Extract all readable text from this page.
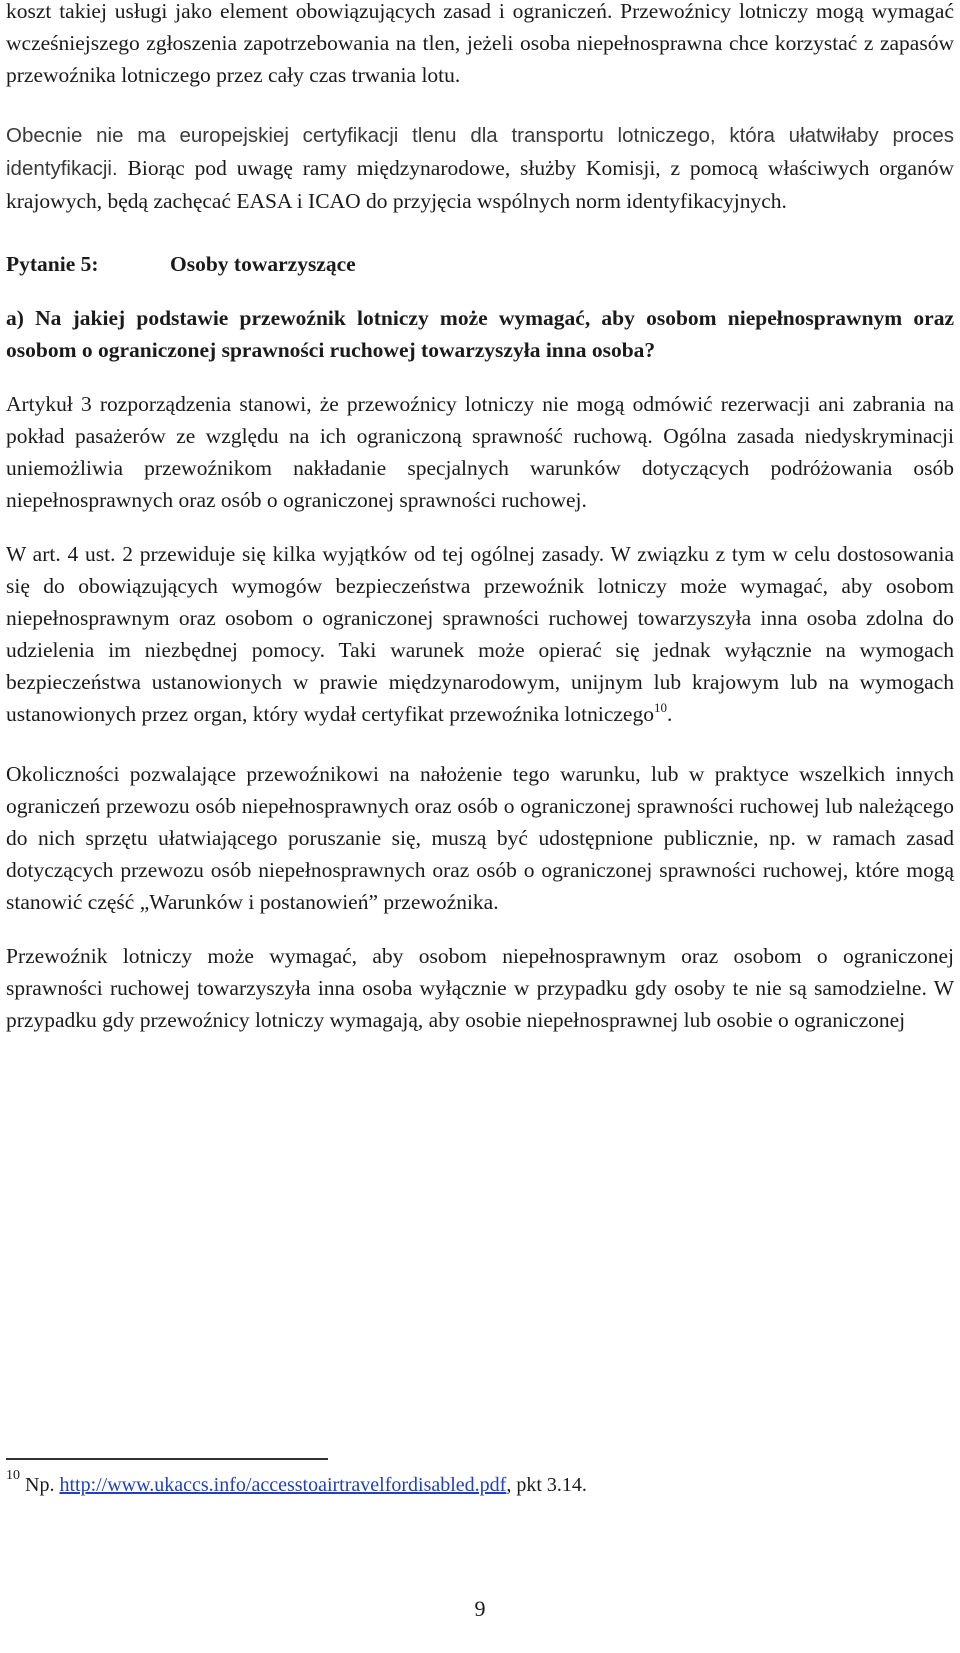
koszt takiej usługi jako element obowiązujących zasad i ograniczeń. Przewoźnicy lotniczy mogą wymagać wcześniejszego zgłoszenia zapotrzebowania na tlen, jeżeli osoba niepełnosprawna chce korzystać z zapasów przewoźnika lotniczego przez cały czas trwania lotu.

Obecnie nie ma europejskiej certyfikacji tlenu dla transportu lotniczego, która ułatwiłaby proces identyfikacji. Biorąc pod uwagę ramy międzynarodowe, służby Komisji, z pomocą właściwych organów krajowych, będą zachęcać EASA i ICAO do przyjęcia wspólnych norm identyfikacyjnych.

Pytanie 5:	Osoby towarzyszące

a) Na jakiej podstawie przewoźnik lotniczy może wymagać, aby osobom niepełnosprawnym oraz osobom o ograniczonej sprawności ruchowej towarzyszyła inna osoba?

Artykuł 3 rozporządzenia stanowi, że przewoźnicy lotniczy nie mogą odmówić rezerwacji ani zabrania na pokład pasażerów ze względu na ich ograniczoną sprawność ruchową. Ogólna zasada niedyskryminacji uniemożliwia przewoźnikom nakładanie specjalnych warunków dotyczących podróżowania osób niepełnosprawnych oraz osób o ograniczonej sprawności ruchowej.

W art. 4 ust. 2 przewiduje się kilka wyjątków od tej ogólnej zasady. W związku z tym w celu dostosowania się do obowiązujących wymogów bezpieczeństwa przewoźnik lotniczy może wymagać, aby osobom niepełnosprawnym oraz osobom o ograniczonej sprawności ruchowej towarzyszyła inna osoba zdolna do udzielenia im niezbędnej pomocy. Taki warunek może opierać się jednak wyłącznie na wymogach bezpieczeństwa ustanowionych w prawie międzynarodowym, unijnym lub krajowym lub na wymogach ustanowionych przez organ, który wydał certyfikat przewoźnika lotniczego$^{10}$.

Okoliczności pozwalające przewoźnikowi na nałożenie tego warunku, lub w praktyce wszelkich innych ograniczeń przewozu osób niepełnosprawnych oraz osób o ograniczonej sprawności ruchowej lub należącego do nich sprzętu ułatwiającego poruszanie się, muszą być udostępnione publicznie, np. w ramach zasad dotyczących przewozu osób niepełnosprawnych oraz osób o ograniczonej sprawności ruchowej, które mogą stanowić część „Warunków i postanowień” przewoźnika.

Przewoźnik lotniczy może wymagać, aby osobom niepełnosprawnym oraz osobom o ograniczonej sprawności ruchowej towarzyszyła inna osoba wyłącznie w przypadku gdy osoby te nie są samodzielne. W przypadku gdy przewoźnicy lotniczy wymagają, aby osobie niepełnosprawnej lub osobie o ograniczonej

$^{10}$ Np. http://www.ukaccs.info/accesstoairtravelfordisabled.pdf, pkt 3.14.
9
